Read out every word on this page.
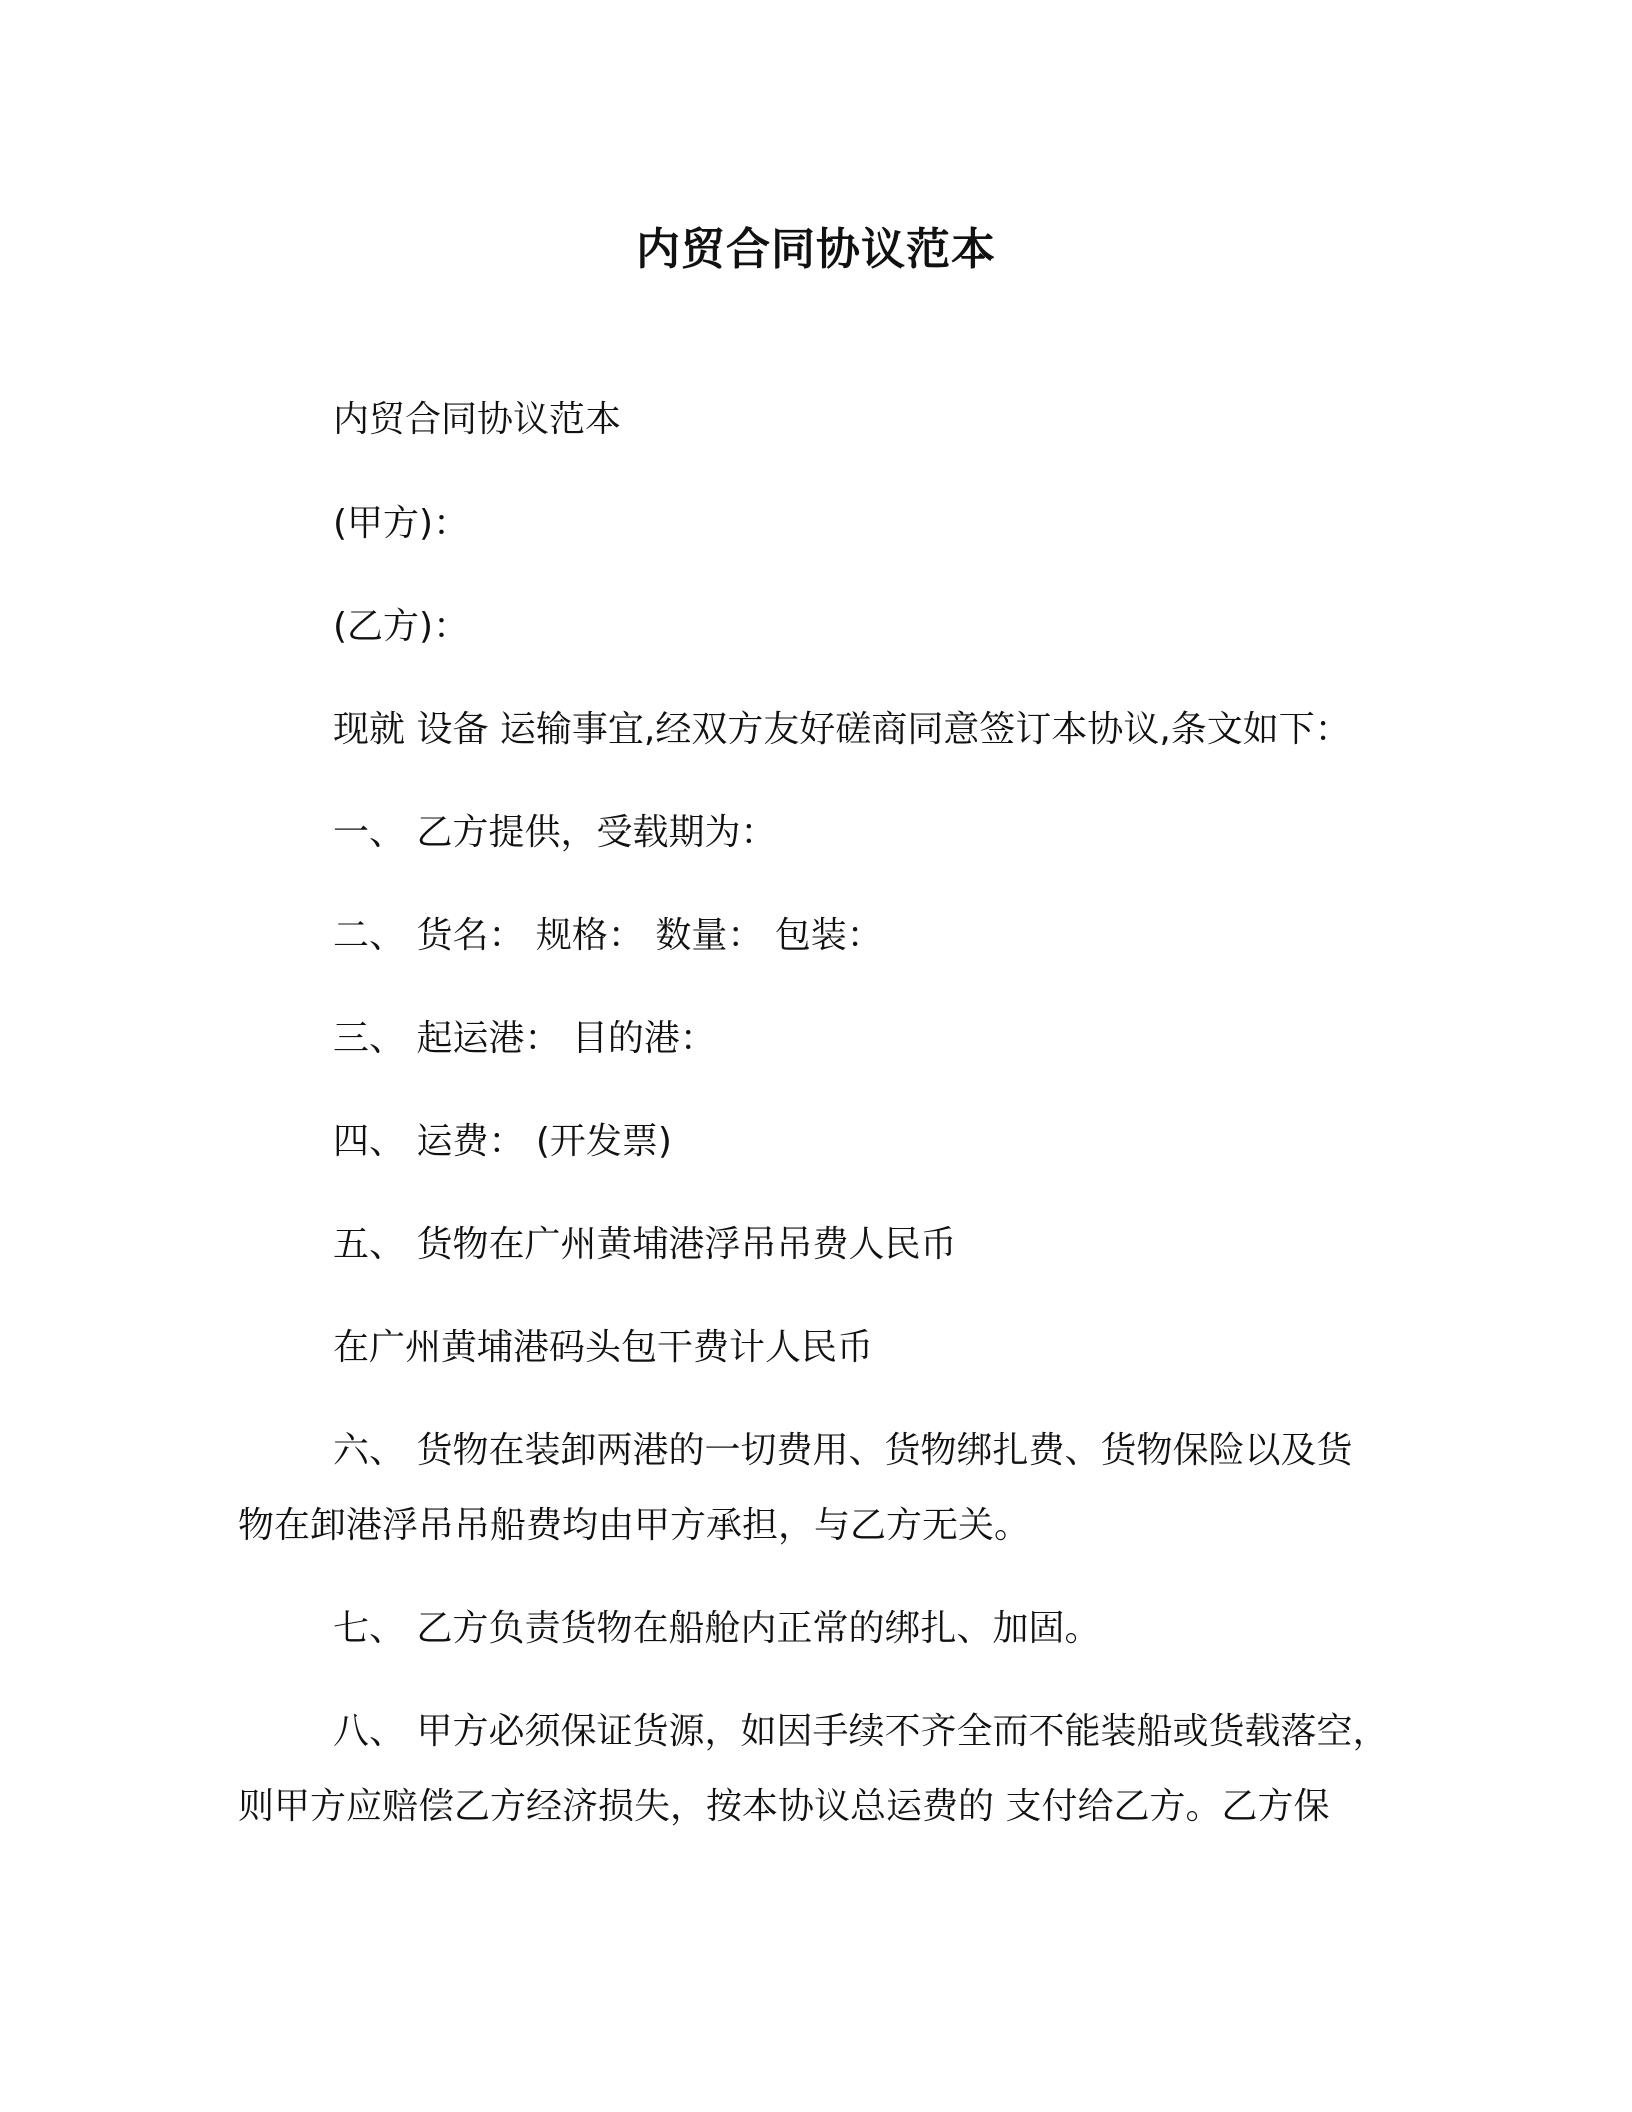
内贸合同协议范本
内贸合同协议范本
(甲方)：
(乙方)：
现就 设备 运输事宜,经双方友好磋商同意签订本协议,条文如下：
一、 乙方提供，受载期为：
二、 货名： 规格： 数量： 包装：
三、 起运港： 目的港：
四、 运费： (开发票)
五、 货物在广州黄埔港浮吊吊费人民币
在广州黄埔港码头包干费计人民币
六、 货物在装卸两港的一切费用、货物绑扎费、货物保险以及货
物在卸港浮吊吊船费均由甲方承担，与乙方无关。
七、 乙方负责货物在船舱内正常的绑扎、加固。
八、 甲方必须保证货源，如因手续不齐全而不能装船或货载落空，
则甲方应赔偿乙方经济损失，按本协议总运费的 支付给乙方。乙方保
